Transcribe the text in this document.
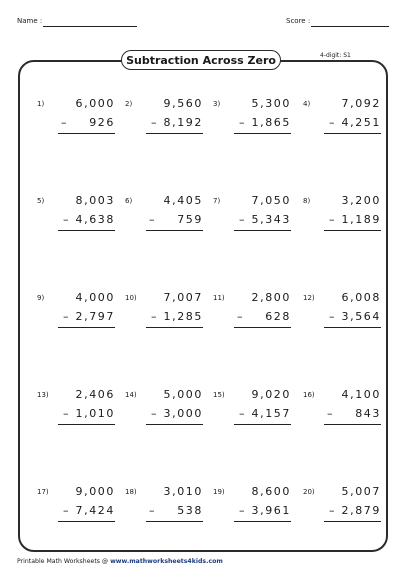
Name :	Score :
Subtraction Across Zero	4-digit: S1
1)	6,000
– 926
2)	9,560
– 8,192
3)	5,300
– 1,865
4)	7,092
– 4,251
5)	8,003
– 4,638
6)	4,405
– 759
7)	7,050
– 5,343
8)	3,200
– 1,189
9)	4,000
– 2,797
10) 7,007
– 1,285
11) 2,800
– 628
12) 6,008
– 3,564
13) 2,406
– 1,010
14) 5,000
– 3,000
15) 9,020
– 4,157
16) 4,100
– 843
17) 9,000
– 7,424
18) 3,010
– 538
19) 8,600
– 3,961
20) 5,007
– 2,879
Printable Math Worksheets @ www.mathworksheets4kids.com
